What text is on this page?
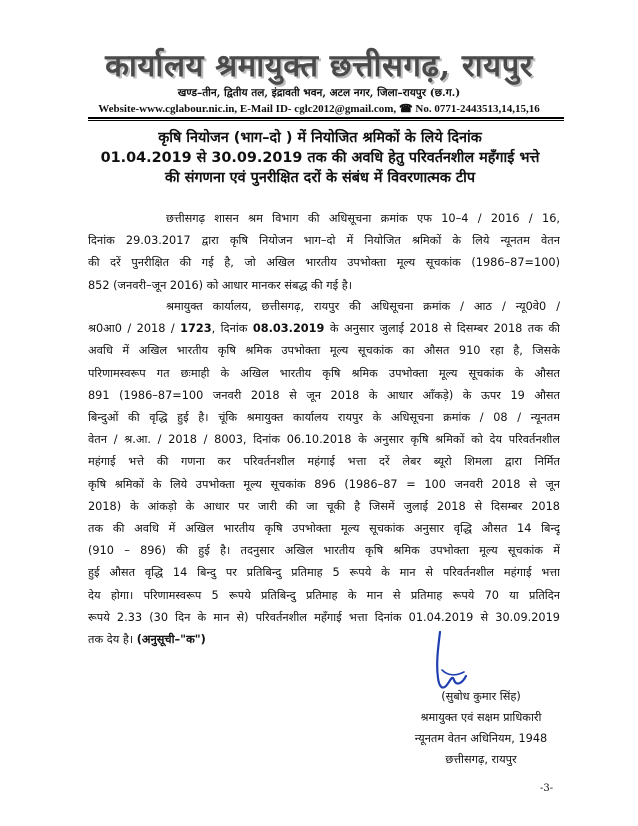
कार्यालय श्रमायुक्त छत्तीसगढ़, रायपुर
खण्ड–तीन, द्वितीय तल, इंद्रावती भवन, अटल नगर, जिला–रायपुर (छ.ग.)
Website-www.cglabour.nic.in, E-Mail ID- cglc2012@gmail.com, ☎ No. 0771-2443513,14,15,16
कृषि नियोजन (भाग–दो ) में नियोजित श्रमिकों के लिये दिनांक
01.04.2019 से 30.09.2019 तक की अवधि हेतु परिवर्तनशील महँगाई भत्ते
की संगणना एवं पुनरीक्षित दरों के संबंध में विवरणात्मक टीप
छत्तीसगढ़ शासन श्रम विभाग की अधिसूचना क्रमांक एफ 10–4 / 2016 / 16,
दिनांक 29.03.2017 द्वारा कृषि नियोजन भाग–दो में नियोजित श्रमिकों के लिये न्यूनतम वेतन
की दरें पुनरीक्षित की गई है, जो अखिल भारतीय उपभोक्ता मूल्य सूचकांक (1986–87=100)
852 (जनवरी–जून 2016) को आधार मानकर संबद्ध की गई है।
श्रमायुक्त कार्यालय, छत्तीसगढ़, रायपुर की अधिसूचना क्रमांक / आठ / न्यू0वे0 /
श्र0आ0 / 2018 / 1723, दिनांक 08.03.2019 के अनुसार जुलाई 2018 से दिसम्बर 2018 तक की
अवधि में अखिल भारतीय कृषि श्रमिक उपभोक्ता मूल्य सूचकांक का औसत 910 रहा है, जिसके
परिणामस्वरूप गत छःमाही के अखिल भारतीय कृषि श्रमिक उपभोक्ता मूल्य सूचकांक के औसत
891 (1986–87=100 जनवरी 2018 से जून 2018 के आधार आँकड़े) के ऊपर 19 औसत
बिन्दुओं की वृद्धि हुई है। चूंकि श्रमायुक्त कार्यालय रायपुर के अधिसूचना क्रमांक / 08 / न्यूनतम
वेतन / श्र.आ. / 2018 / 8003, दिनांक 06.10.2018 के अनुसार कृषि श्रमिकों को देय परिवर्तनशील
महंगाई भत्ते की गणना कर परिवर्तनशील महंगाई भत्ता दरें लेबर ब्यूरो शिमला द्वारा निर्मित
कृषि श्रमिकों के लिये उपभोक्ता मूल्य सूचकांक 896 (1986–87 = 100 जनवरी 2018 से जून
2018) के आंकड़ो के आधार पर जारी की जा चूकी है जिसमें जुलाई 2018 से दिसम्बर 2018
तक की अवधि में अखिल भारतीय कृषि उपभोक्ता मूल्य सूचकांक अनुसार वृद्धि औसत 14 बिन्दू
(910 – 896) की हुई है। तदनुसार अखिल भारतीय कृषि श्रमिक उपभोक्ता मूल्य सूचकांक में
हुई औसत वृद्धि 14 बिन्दु पर प्रतिबिन्दु प्रतिमाह 5 रूपये के मान से परिवर्तनशील महंगाई भत्ता
देय होगा। परिणामस्वरूप 5 रूपये प्रतिबिन्दु प्रतिमाह के मान से प्रतिमाह रूपये 70 या प्रतिदिन
रूपये 2.33 (30 दिन के मान से) परिवर्तनशील महँगाई भत्ता दिनांक 01.04.2019 से 30.09.2019
तक देय है। (अनुसूची–"क")
(सुबोध कुमार सिंह)
श्रमायुक्त एवं सक्षम प्राधिकारी
न्यूनतम वेतन अधिनियम, 1948
छत्तीसगढ़, रायपुर
-3-
